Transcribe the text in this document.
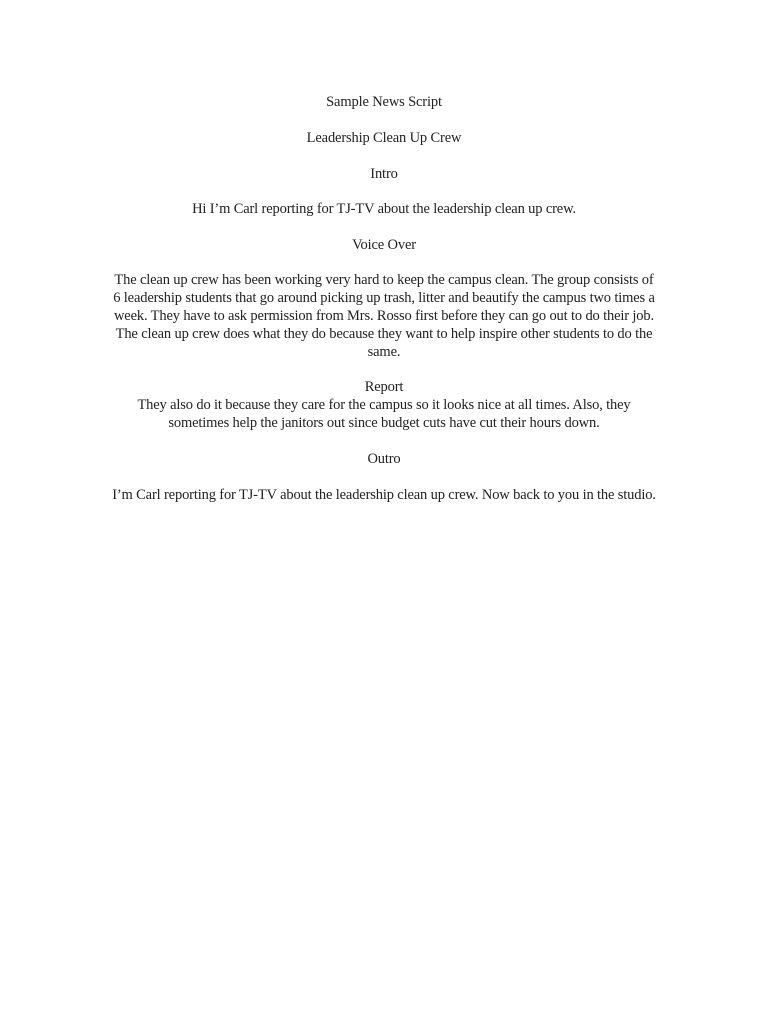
Sample News Script
Leadership Clean Up Crew
Intro

Hi I’m Carl reporting for TJ-TV about the leadership clean up crew.

Voice Over

The clean up crew has been working very hard to keep the campus clean. The group consists of 6 leadership students that go around picking up trash, litter and beautify the campus two times a week. They have to ask permission from Mrs. Rosso first before they can go out to do their job. The clean up crew does what they do because they want to help inspire other students to do the same.

Report

They also do it because they care for the campus so it looks nice at all times. Also, they sometimes help the janitors out since budget cuts have cut their hours down.

Outro

I’m Carl reporting for TJ-TV about the leadership clean up crew. Now back to you in the studio.
